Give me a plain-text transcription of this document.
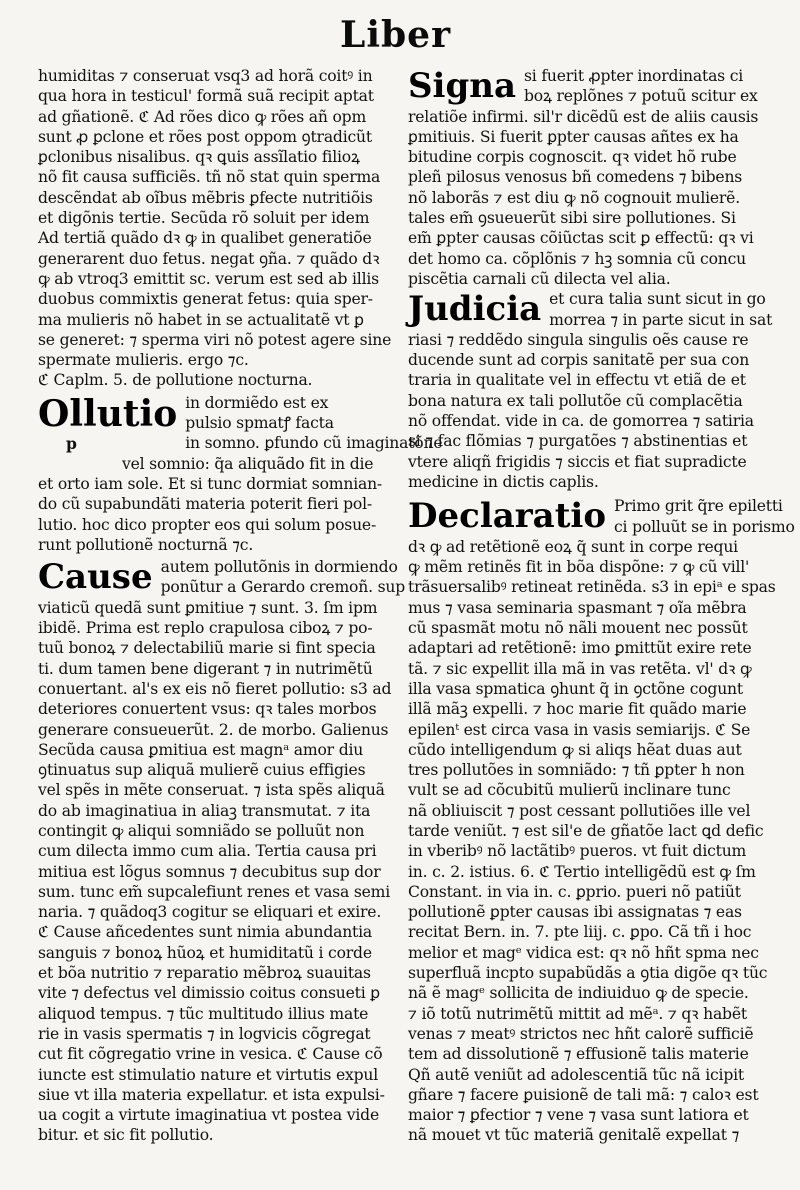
Liber
p
humiditas ⁊ conseruat vsq3 ad horã coitꝰ in
qua hora in testicul' formã suã recipit aptat
ad gñationẽ. ℭ Ad rões dico ꝙ rões añ opm
sunt ꝓ ꝑclone et rões post oppom ꝯtradicũt
ꝑclonibus nisalibus. qꝛ ꝗuis assĩlatio filioꝝ
nõ fit causa sufficiẽs. tñ nõ stat quin sperma
descẽndat ab oĩbus mẽbris ꝑfecte nutritiõis
et digõnis tertie. Secũda rõ soluit per idem
Ad tertiã quãdo dꝛ ꝙ in qualibet generatiõe
generarent duo fetus. negat ꝯña. ⁊ quãdo dꝛ
ꝙ ab vtroq3 emittit sc. verum est sed ab illis
duobus commixtis generat fetus: quia sper-
ma mulieris nõ habet in se actualitatẽ vt ꝑ
se generet: ⁊ sperma viri nõ potest agere sine
spermate mulieris. ergo ⁊c.
ℭ Caplm. 5. de pollutione nocturna.
Ollutio in dormiẽdo est ex
pulsio spmatꝭ facta
in somno. ꝑfundo cũ imaginatõne
vel somnio: q̃a aliquãdo fit in die
et orto iam sole. Et si tunc dormiat somnian-
do cũ supabundãti materia poterit fieri pol-
lutio. hoc dico propter eos qui solum posue-
runt pollutionẽ nocturnã ⁊c.
Cause autem pollutõnis in dormiendo
ponũtur a Gerardo cremoñ. sup
viaticũ quedã sunt ꝑmitiue ⁊ sunt. 3. ſm ipm
ibidẽ. Prima est replo crapulosa ciboꝝ ⁊ po-
tuũ bonoꝝ ⁊ delectabiliũ marie si fint specia
ti. dum tamen bene digerant ⁊ in nutrimẽtũ
conuertant. al's ex eis nõ fieret pollutio: s3 ad
deteriores conuertent vsus: qꝛ tales morbos
generare consueuerũt. 2. de morbo. Galienus
Secũda causa ꝑmitiua est magnᵃ amor diu
ꝯtinuatus sup aliquã mulierẽ cuius effigies
vel spẽs in mẽte conseruat. ⁊ ista spẽs aliquã
do ab imaginatiua in aliaꝫ transmutat. ⁊ ita
contingit ꝙ aliqui somniãdo se polluũt non
cum dilecta immo cum alia. Tertia causa pri
mitiua est lõgus somnus ⁊ decubitus sup dor
sum. tunc em̃ supcalefiunt renes et vasa semi
naria. ⁊ quãdoq3 cogitur se eliquari et exire.
ℭ Cause añcedentes sunt nimia abundantia
sanguis ⁊ bonoꝝ hũoꝝ et humiditatũ i corde
et bõa nutritio ⁊ reparatio mẽbroꝝ suauitas
vite ⁊ defectus vel dimissio coitus consueti ꝑ
aliquod tempus. ⁊ tũc multitudo illius mate
rie in vasis spermatis ⁊ in logvicis cõgregat
cut fit cõgregatio vrine in vesica. ℭ Cause cõ
iuncte est stimulatio nature et virtutis expul
siue vt illa materia expellatur. et ista expulsi-
ua cogit a virtute imaginatiua vt postea vide
bitur. et sic fit pollutio.
Signa si fuerit ꝓpter inordinatas ci
boꝝ replõnes ⁊ potuũ scitur ex
relatiõe infirmi. sil'r dicẽdũ est de aliis causis
ꝑmitiuis. Si fuerit ꝑpter causas añtes ex ha
bitudine corpis cognoscit. qꝛ videt hõ rube
pleñ pilosus venosus bñ comedens ⁊ bibens
nõ laborãs ⁊ est diu ꝙ nõ cognouit mulierẽ.
tales em̃ ꝯsueuerũt sibi sire pollutiones. Si
em̃ ꝑpter causas cõiũctas scit ꝑ effectũ: qꝛ vi
det homo ca. cõplõnis ⁊ hꝫ somnia cũ concu
piscẽtia carnali cũ dilecta vel alia.
Judicia et cura talia sunt sicut in go
morrea ⁊ in parte sicut in sat
riasi ⁊ reddẽdo singula singulis oẽs cause re
ducende sunt ad corpis sanitatẽ per sua con
traria in qualitate vel in effectu vt etiã de et
bona natura ex tali pollutõe cũ complacẽtia
nõ offendat. vide in ca. de gomorrea ⁊ satiria
si ⁊ fac flõmias ⁊ purgatões ⁊ abstinentias et
vtere aliqñ frigidis ⁊ siccis et fiat supradicte
medicine in dictis caplis.
Declaratio Primo grit q̃re epiletti
ci polluũt se in porismo
dꝛ ꝙ ad retẽtionẽ eoꝝ q̃ sunt in corpe requi
ꝙ mẽm retinẽs fit in bõa dispõne: ⁊ ꝙ cũ vill'
trãsuersalibꝰ retineat retinẽda. s3 in epiᵃ e spas
mus ⁊ vasa seminaria spasmant ⁊ oĩa mẽbra
cũ spasmãt motu nõ nãli mouent nec possũt
adaptari ad retẽtionẽ: imo ꝑmittũt exire rete
tã. ⁊ sic expellit illa mã in vas retẽta. vl' dꝛ ꝙ
illa vasa spmatica ꝯhunt q̃ in ꝯctõne cogunt
illã mãꝫ expelli. ⁊ hoc marie fit quãdo marie
epilenᵗ est circa vasa in vasis semiarijs. ℭ Se
cũdo intelligendum ꝙ si aliqs hẽat duas aut
tres pollutões in somniãdo: ⁊ tñ ꝑpter h non
vult se ad cõcubitũ mulierũ inclinare tunc
nã obliuiscit ⁊ post cessant pollutiões ille vel
tarde veniũt. ⁊ est sil'e de gñatõe lact ꝗd defic
in vberibꝰ nõ lactãtibꝰ pueros. vt fuit dictum
in. c. 2. istius. 6. ℭ Tertio intelligẽdũ est ꝙ ſm
Constant. in via in. c. ꝑprio. pueri nõ patiũt
pollutionẽ ꝑpter causas ibi assignatas ⁊ eas
recitat Bern. in. 7. pte liij. c. ꝑpo. Cã tñ i hoc
melior et magᵉ vidica est: qꝛ nõ hñt spma nec
superfluã incpto supabũdãs a ꝯtia digõe qꝛ tũc
nã ẽ magᵉ sollicita de indiuiduo ꝙ de specie.
⁊ iõ totũ nutrimẽtũ mittit ad mẽᵃ. ⁊ qꝛ habẽt
venas ⁊ meatꝰ strictos nec hñt calorẽ sufficiẽ
tem ad dissolutionẽ ⁊ effusionẽ talis materie
Qñ autẽ veniũt ad adolescentiã tũc nã icipit
gñare ⁊ facere ꝑuisionẽ de tali mã: ⁊ caloꝛ est
maior ⁊ ꝑfectior ⁊ vene ⁊ vasa sunt latiora et
nã mouet vt tũc materiã genitalẽ expellat ⁊
